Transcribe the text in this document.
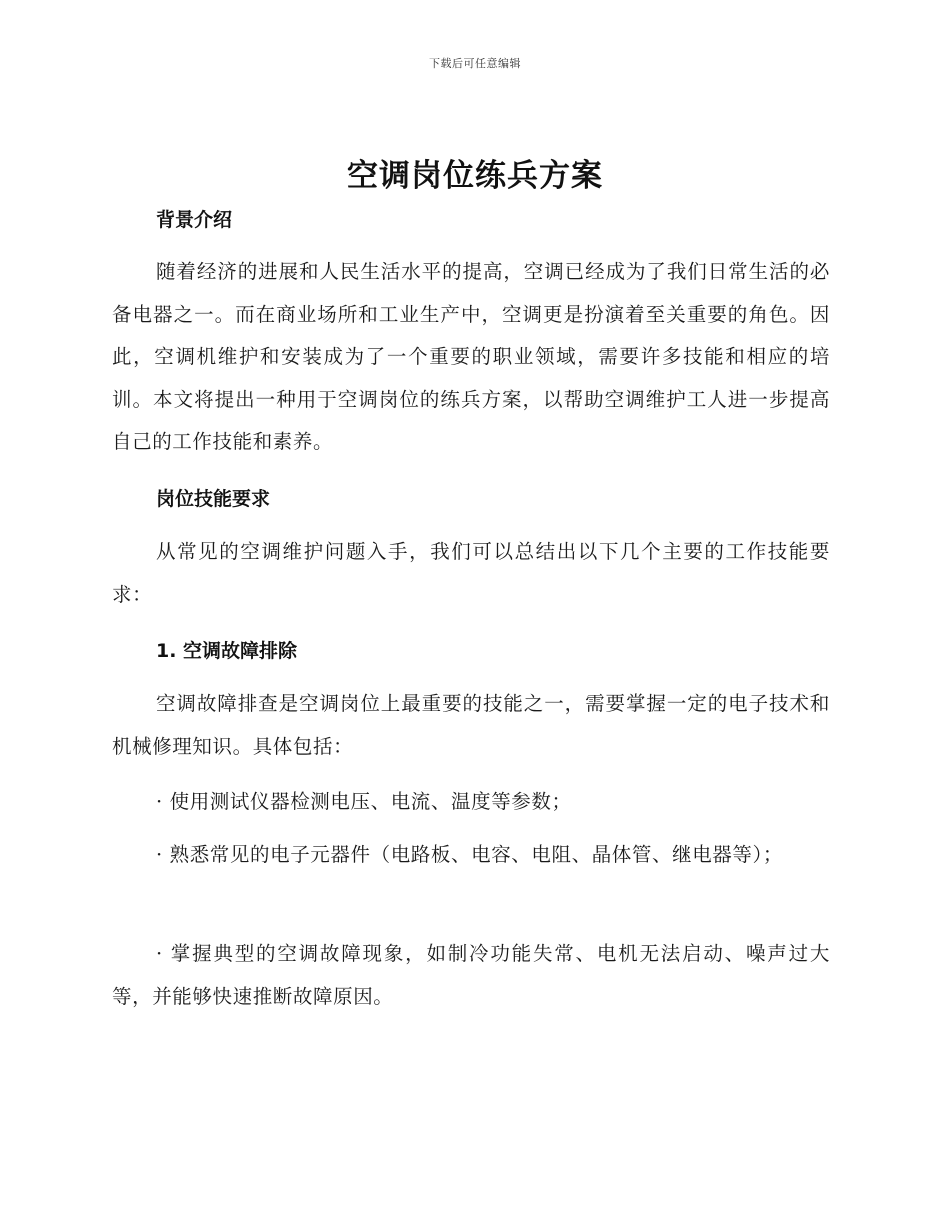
下载后可任意编辑
空调岗位练兵方案

背景介绍

随着经济的进展和人民生活水平的提高，空调已经成为了我们日常生活的必备电器之一。而在商业场所和工业生产中，空调更是扮演着至关重要的角色。因此，空调机维护和安装成为了一个重要的职业领域，需要许多技能和相应的培训。本文将提出一种用于空调岗位的练兵方案，以帮助空调维护工人进一步提高自己的工作技能和素养。

岗位技能要求

从常见的空调维护问题入手，我们可以总结出以下几个主要的工作技能要求：

1. 空调故障排除

空调故障排查是空调岗位上最重要的技能之一，需要掌握一定的电子技术和机械修理知识。具体包括：

· 使用测试仪器检测电压、电流、温度等参数；

· 熟悉常见的电子元器件（电路板、电容、电阻、晶体管、继电器等）；

· 掌握典型的空调故障现象，如制冷功能失常、电机无法启动、噪声过大等，并能够快速推断故障原因。
